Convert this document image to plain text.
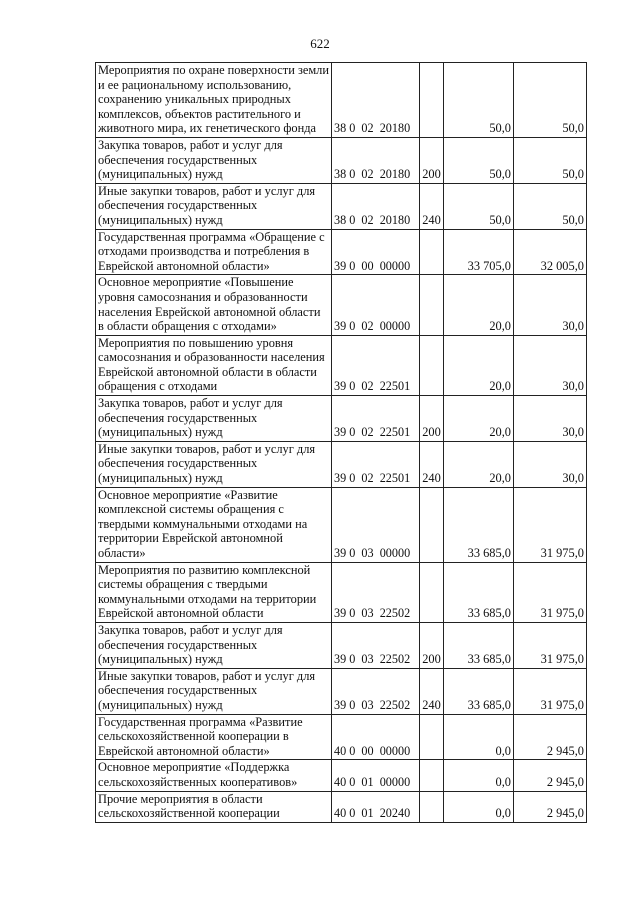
622
Мероприятия по охране поверхности земли и ее рациональному использованию, сохранению уникальных природных комплексов, объектов растительного и животного мира, их генетического фонда	38 0  02  20180		50,0	50,0
Закупка товаров, работ и услуг для обеспечения государственных (муниципальных) нужд	38 0  02  20180	200	50,0	50,0
Иные закупки товаров, работ и услуг для обеспечения государственных (муниципальных) нужд	38 0  02  20180	240	50,0	50,0
Государственная программа «Обращение с отходами производства и потребления в Еврейской автономной области»	39 0  00  00000		33 705,0	32 005,0
Основное мероприятие «Повышение уровня самосознания и образованности населения Еврейской автономной области в области обращения с отходами»	39 0  02  00000		20,0	30,0
Мероприятия по повышению уровня самосознания и образованности населения Еврейской автономной области в области обращения с отходами	39 0  02  22501		20,0	30,0
Закупка товаров, работ и услуг для обеспечения государственных (муниципальных) нужд	39 0  02  22501	200	20,0	30,0
Иные закупки товаров, работ и услуг для обеспечения государственных (муниципальных) нужд	39 0  02  22501	240	20,0	30,0
Основное мероприятие «Развитие комплексной системы обращения с твердыми коммунальными отходами на территории Еврейской автономной области»	39 0  03  00000		33 685,0	31 975,0
Мероприятия по развитию комплексной системы обращения с твердыми коммунальными отходами на территории Еврейской автономной области	39 0  03  22502		33 685,0	31 975,0
Закупка товаров, работ и услуг для обеспечения государственных (муниципальных) нужд	39 0  03  22502	200	33 685,0	31 975,0
Иные закупки товаров, работ и услуг для обеспечения государственных (муниципальных) нужд	39 0  03  22502	240	33 685,0	31 975,0
Государственная программа «Развитие сельскохозяйственной кооперации в Еврейской автономной области»	40 0  00  00000		0,0	2 945,0
Основное мероприятие «Поддержка сельскохозяйственных кооперативов»	40 0  01  00000		0,0	2 945,0
Прочие мероприятия в области сельскохозяйственной кооперации	40 0  01  20240		0,0	2 945,0
